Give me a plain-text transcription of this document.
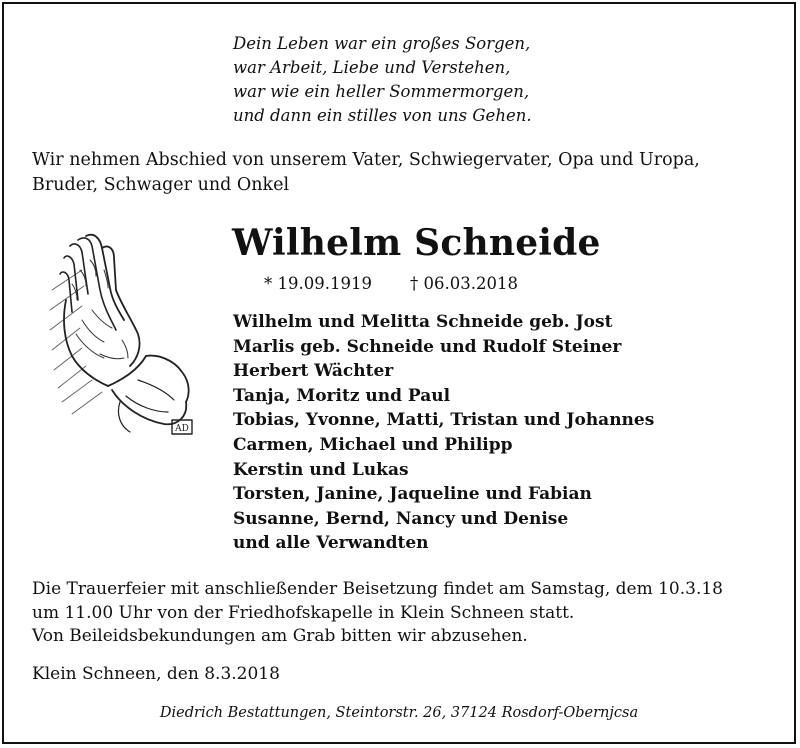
Dein Leben war ein großes Sorgen,
war Arbeit, Liebe und Verstehen,
war wie ein heller Sommermorgen,
und dann ein stilles von uns Gehen.
Wir nehmen Abschied von unserem Vater, Schwiegervater, Opa und Uropa,
Bruder, Schwager und Onkel
AD
Wilhelm Schneide
* 19.09.1919 † 06.03.2018
Wilhelm und Melitta Schneide geb. Jost
Marlis geb. Schneide und Rudolf Steiner
Herbert Wächter
Tanja, Moritz und Paul
Tobias, Yvonne, Matti, Tristan und Johannes
Carmen, Michael und Philipp
Kerstin und Lukas
Torsten, Janine, Jaqueline und Fabian
Susanne, Bernd, Nancy und Denise
und alle Verwandten
Die Trauerfeier mit anschließender Beisetzung findet am Samstag, dem 10.3.18
um 11.00 Uhr von der Friedhofskapelle in Klein Schneen statt.
Von Beileidsbekundungen am Grab bitten wir abzusehen.
Klein Schneen, den 8.3.2018
Diedrich Bestattungen, Steintorstr. 26, 37124 Rosdorf-Obernjcsa
